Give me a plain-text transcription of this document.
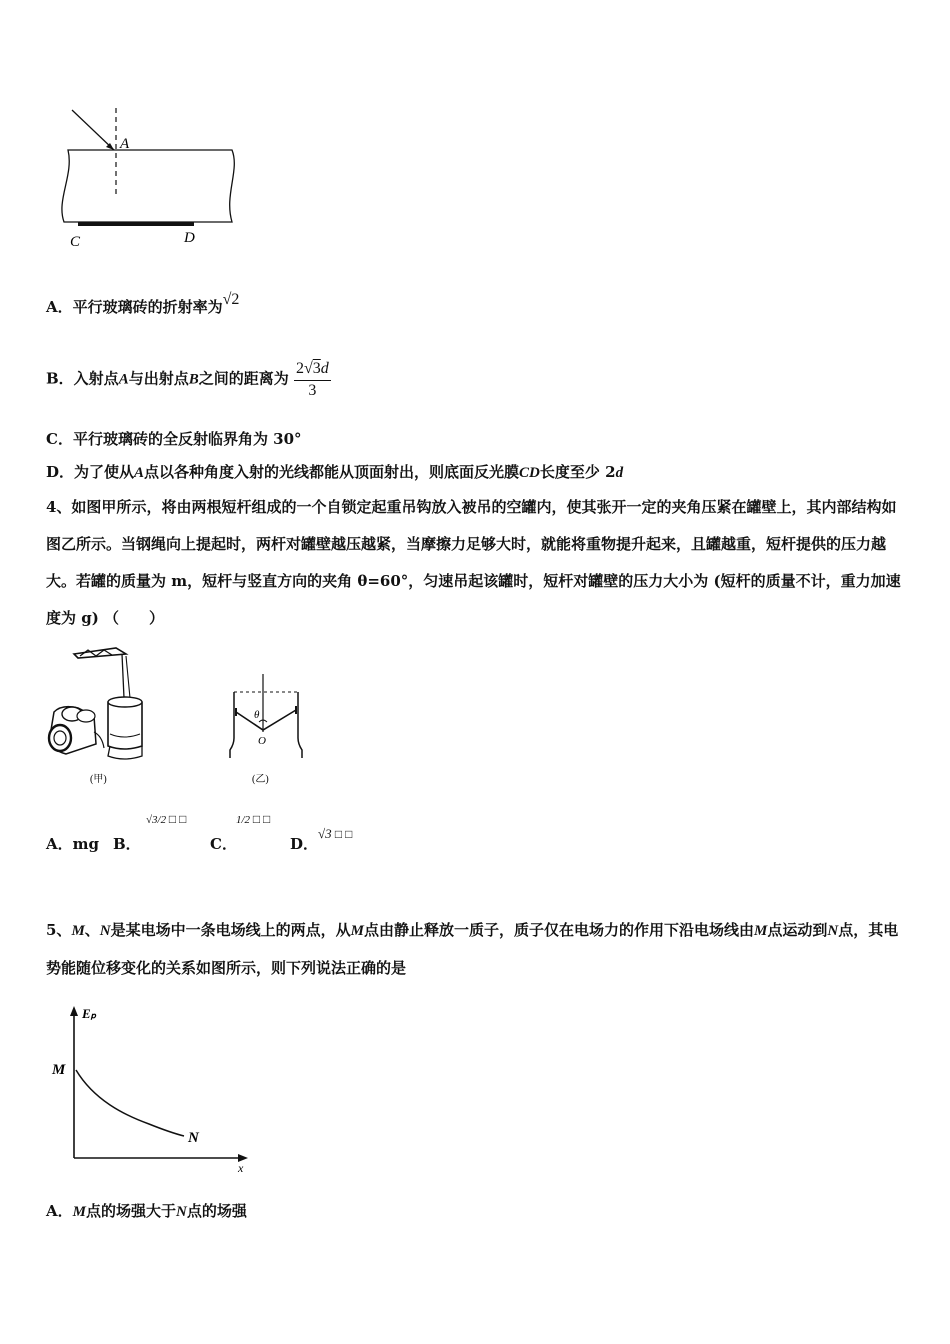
A
C	D
A．平行玻璃砖的折射率为√2
B．入射点A与出射点B之间的距离为 $\frac{2√3d}{3}$
C．平行玻璃砖的全反射临界角为 30°
D．为了使从A点以各种角度入射的光线都能从顶面射出，则底面反光膜CD长度至少 2d
4、如图甲所示，将由两根短杆组成的一个自锁定起重吊钩放入被吊的空罐内，使其张开一定的夹角压紧在罐壁上，其内部结构如图乙所示。当钢绳向上提起时，两杆对罐壁越压越紧，当摩擦力足够大时，就能将重物提升起来，且罐越重，短杆提供的压力越大。若罐的质量为 m，短杆与竖直方向的夹角 θ=60°，匀速吊起该罐时，短杆对罐壁的压力大小为 (短杆的质量不计，重力加速度为 g) （　　）
(甲)
θ
O
(乙)
A．mg B．
√3/2 □ □
C．
1/2 □ □
D．
√3 □ □
5、M、N是某电场中一条电场线上的两点，从M点由静止释放一质子，质子仅在电场力的作用下沿电场线由M点运动到N点，其电势能随位移变化的关系如图所示，则下列说法正确的是
Eₚ
x
M
N
A．M点的场强大于N点的场强
